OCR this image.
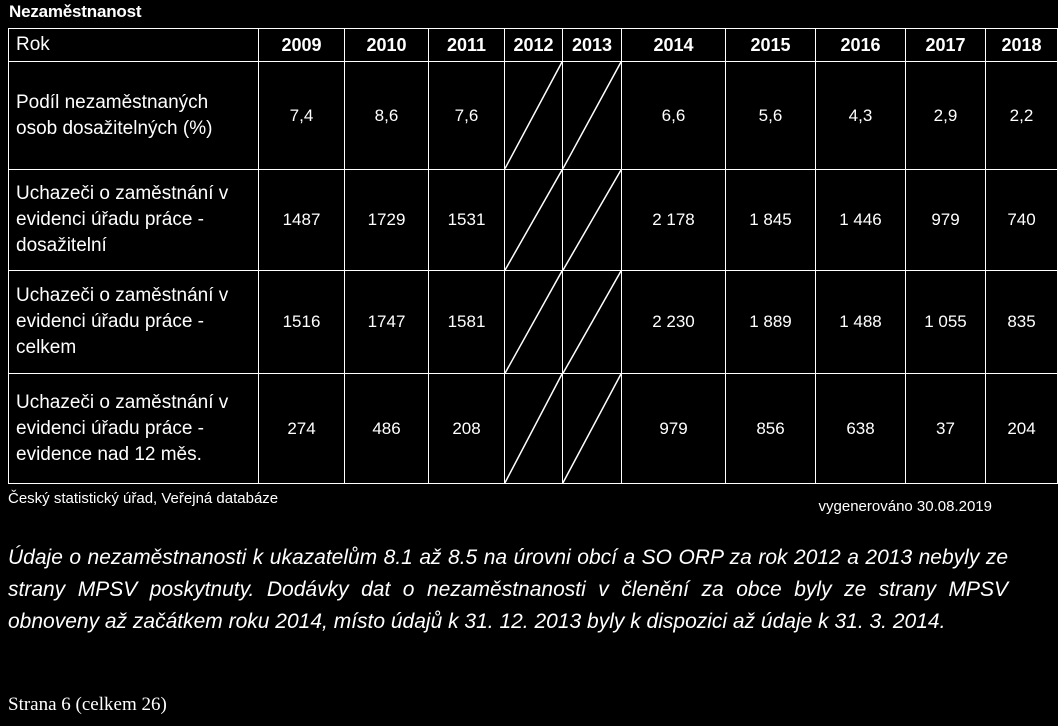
Nezaměstnanost
Rok	2009	2010	2011	2012	2013	2014	2015	2016	2017	2018
Podíl nezaměstnaných osob dosažitelných (%)	7,4	8,6	7,6			6,6	5,6	4,3	2,9	2,2
Uchazeči o zaměstnání v evidenci úřadu práce - dosažitelní	1487	1729	1531			2 178	1 845	1 446	979	740
Uchazeči o zaměstnání v evidenci úřadu práce - celkem	1516	1747	1581			2 230	1 889	1 488	1 055	835
Uchazeči o zaměstnání v evidenci úřadu práce - evidence nad 12 měs.	274	486	208			979	856	638	37	204
Český statistický úřad, Veřejná databáze	vygenerováno 30.08.2019
Údaje o nezaměstnanosti k ukazatelům 8.1 až 8.5 na úrovni obcí a SO ORP za rok 2012 a 2013 nebyly ze strany MPSV poskytnuty. Dodávky dat o nezaměstnanosti v členění za obce byly ze strany MPSV obnoveny až začátkem roku 2014, místo údajů k 31. 12. 2013 byly k dispozici až údaje k 31. 3. 2014.
Strana 6 (celkem 26)
